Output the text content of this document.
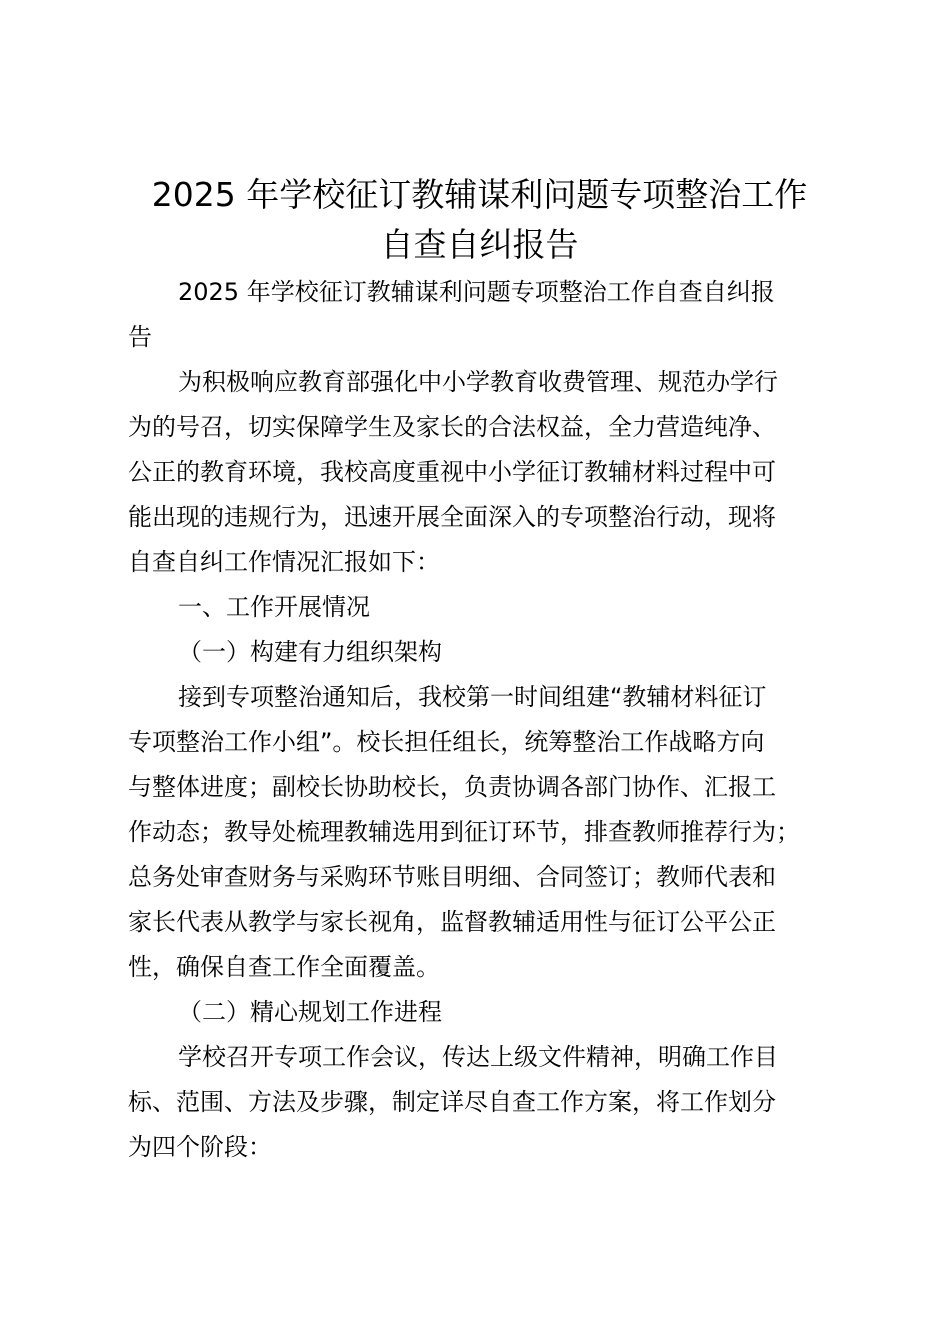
2025 年学校征订教辅谋利问题专项整治工作
自查自纠报告
2025 年学校征订教辅谋利问题专项整治工作自查自纠报
告
为积极响应教育部强化中小学教育收费管理、规范办学行
为的号召，切实保障学生及家长的合法权益，全力营造纯净、
公正的教育环境，我校高度重视中小学征订教辅材料过程中可
能出现的违规行为，迅速开展全面深入的专项整治行动，现将
自查自纠工作情况汇报如下：
一、工作开展情况
（一）构建有力组织架构
接到专项整治通知后，我校第一时间组建“教辅材料征订
专项整治工作小组”。校长担任组长，统筹整治工作战略方向
与整体进度；副校长协助校长，负责协调各部门协作、汇报工
作动态；教导处梳理教辅选用到征订环节，排查教师推荐行为；
总务处审查财务与采购环节账目明细、合同签订；教师代表和
家长代表从教学与家长视角，监督教辅适用性与征订公平公正
性，确保自查工作全面覆盖。
（二）精心规划工作进程
学校召开专项工作会议，传达上级文件精神，明确工作目
标、范围、方法及步骤，制定详尽自查工作方案，将工作划分
为四个阶段：
